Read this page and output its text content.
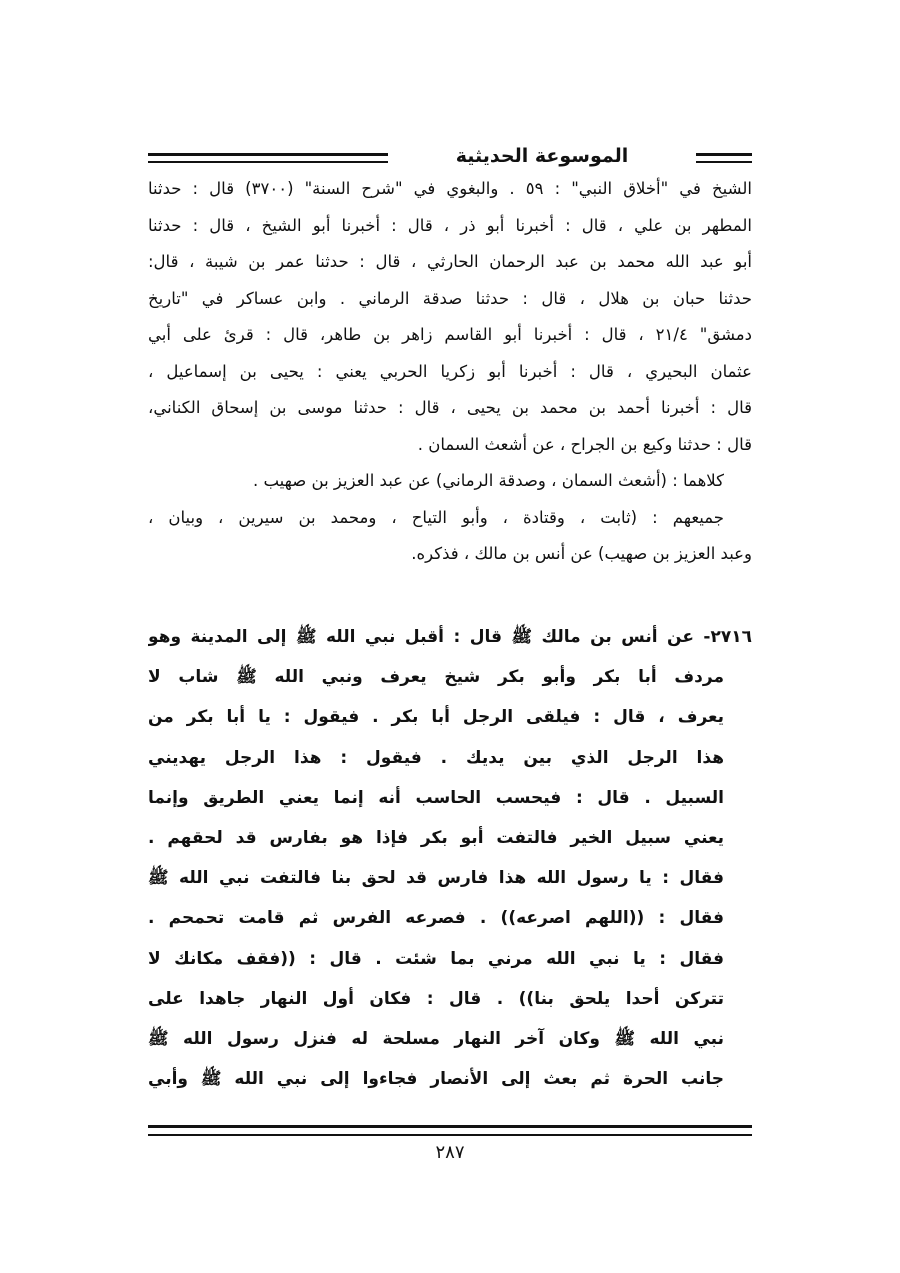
الموسوعة الحديثية
الشيخ في "أخلاق النبي" : ٥٩ . والبغوي في "شرح السنة" (٣٧٠٠) قال : حدثنا
المطهر بن علي ، قال : أخبرنا أبو ذر ، قال : أخبرنا أبو الشيخ ، قال : حدثنا
أبو عبد الله محمد بن عبد الرحمان الحارثي ، قال : حدثنا عمر بن شيبة ، قال:
حدثنا حبان بن هلال ، قال : حدثنا صدقة الرماني . وابن عساكر في "تاريخ
دمشق" ٢١/٤ ، قال : أخبرنا أبو القاسم زاهر بن طاهر، قال : قرئ على أبي
عثمان البحيري ، قال : أخبرنا أبو زكريا الحربي يعني : يحيى بن إسماعيل ،
قال : أخبرنا أحمد بن محمد بن يحيى ، قال : حدثنا موسى بن إسحاق الكناني،
قال : حدثنا وكيع بن الجراح ، عن أشعث السمان .
كلاهما : (أشعث السمان ، وصدقة الرماني) عن عبد العزيز بن صهيب .
جميعهم : (ثابت ، وقتادة ، وأبو التياح ، ومحمد بن سيرين ، وبيان ،
وعبد العزيز بن صهيب) عن أنس بن مالك ، فذكره.
٢٧١٦- عن أنس بن مالك ﷺ قال : أقبل نبي الله ﷺ إلى المدينة وهو
مردف أبا بكر وأبو بكر شيخ يعرف ونبي الله ﷺ شاب لا
يعرف ، قال : فيلقى الرجل أبا بكر . فيقول : يا أبا بكر من
هذا الرجل الذي بين يديك . فيقول : هذا الرجل يهديني
السبيل . قال : فيحسب الحاسب أنه إنما يعني الطريق وإنما
يعني سبيل الخير فالتفت أبو بكر فإذا هو بفارس قد لحقهم .
فقال : يا رسول الله هذا فارس قد لحق بنا فالتفت نبي الله ﷺ
فقال : ((اللهم اصرعه)) . فصرعه الفرس ثم قامت تحمحم .
فقال : يا نبي الله مرني بما شئت . قال : ((فقف مكانك لا
تتركن أحدا يلحق بنا)) . قال : فكان أول النهار جاهدا على
نبي الله ﷺ وكان آخر النهار مسلحة له فنزل رسول الله ﷺ
جانب الحرة ثم بعث إلى الأنصار فجاءوا إلى نبي الله ﷺ وأبي
٢٨٧
